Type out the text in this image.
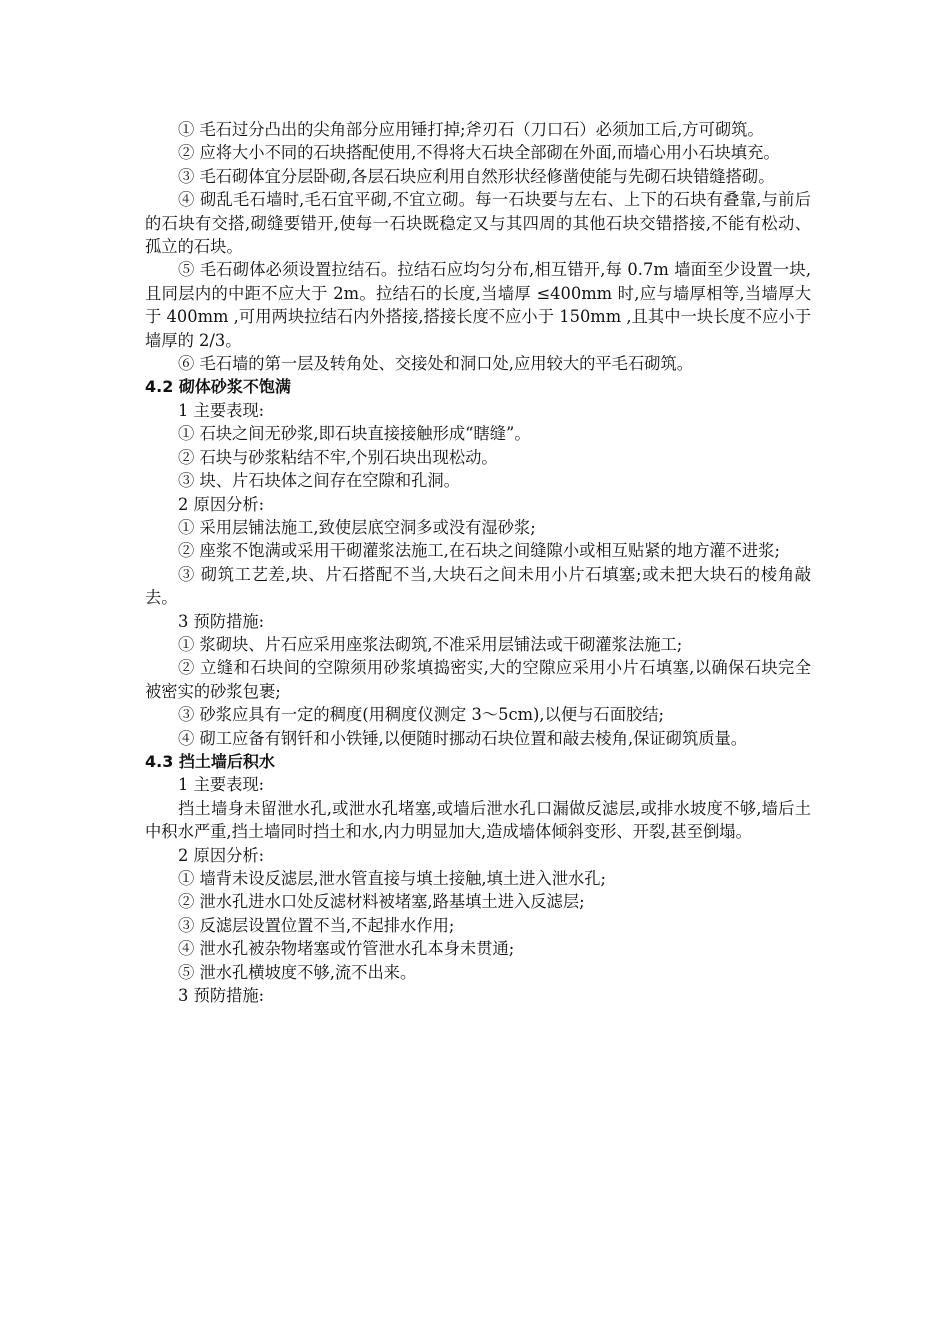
① 毛石过分凸出的尖角部分应用锤打掉;斧刃石（刀口石）必须加工后,方可砌筑。

② 应将大小不同的石块搭配使用,不得将大石块全部砌在外面,而墙心用小石块填充。

③ 毛石砌体宜分层卧砌,各层石块应利用自然形状经修凿使能与先砌石块错缝搭砌。

④ 砌乱毛石墙时,毛石宜平砌,不宜立砌。每一石块要与左右、上下的石块有叠靠,与前后的石块有交搭,砌缝要错开,使每一石块既稳定又与其四周的其他石块交错搭接,不能有松动、孤立的石块。

⑤ 毛石砌体必须设置拉结石。拉结石应均匀分布,相互错开,每 0.7m 墙面至少设置一块,且同层内的中距不应大于 2m。拉结石的长度,当墙厚 ≤400mm 时,应与墙厚相等,当墙厚大于 400mm ,可用两块拉结石内外搭接,搭接长度不应小于 150mm ,且其中一块长度不应小于墙厚的 2/3。

⑥ 毛石墙的第一层及转角处、交接处和洞口处,应用较大的平毛石砌筑。

4.2 砌体砂浆不饱满

1 主要表现:

① 石块之间无砂浆,即石块直接接触形成“瞎缝”。

② 石块与砂浆粘结不牢,个别石块出现松动。

③ 块、片石块体之间存在空隙和孔洞。

2 原因分析:

① 采用层铺法施工,致使层底空洞多或没有湿砂浆;

② 座浆不饱满或采用干砌灌浆法施工,在石块之间缝隙小或相互贴紧的地方灌不进浆;

③ 砌筑工艺差,块、片石搭配不当,大块石之间未用小片石填塞;或未把大块石的棱角敲去。

3 预防措施:

① 浆砌块、片石应采用座浆法砌筑,不准采用层铺法或干砌灌浆法施工;

② 立缝和石块间的空隙须用砂浆填捣密实,大的空隙应采用小片石填塞,以确保石块完全被密实的砂浆包裹;

③ 砂浆应具有一定的稠度(用稠度仪测定 3～5cm),以便与石面胶结;

④ 砌工应备有钢钎和小铁锤,以便随时挪动石块位置和敲去棱角,保证砌筑质量。

4.3 挡土墙后积水

1 主要表现:

挡土墙身未留泄水孔,或泄水孔堵塞,或墙后泄水孔口漏做反滤层,或排水坡度不够,墙后土中积水严重,挡土墙同时挡土和水,内力明显加大,造成墙体倾斜变形、开裂,甚至倒塌。

2 原因分析:

① 墙背未设反滤层,泄水管直接与填土接触,填土进入泄水孔;

② 泄水孔进水口处反滤材料被堵塞,路基填土进入反滤层;

③ 反滤层设置位置不当,不起排水作用;

④ 泄水孔被杂物堵塞或竹管泄水孔本身未贯通;

⑤ 泄水孔横坡度不够,流不出来。

3 预防措施:
